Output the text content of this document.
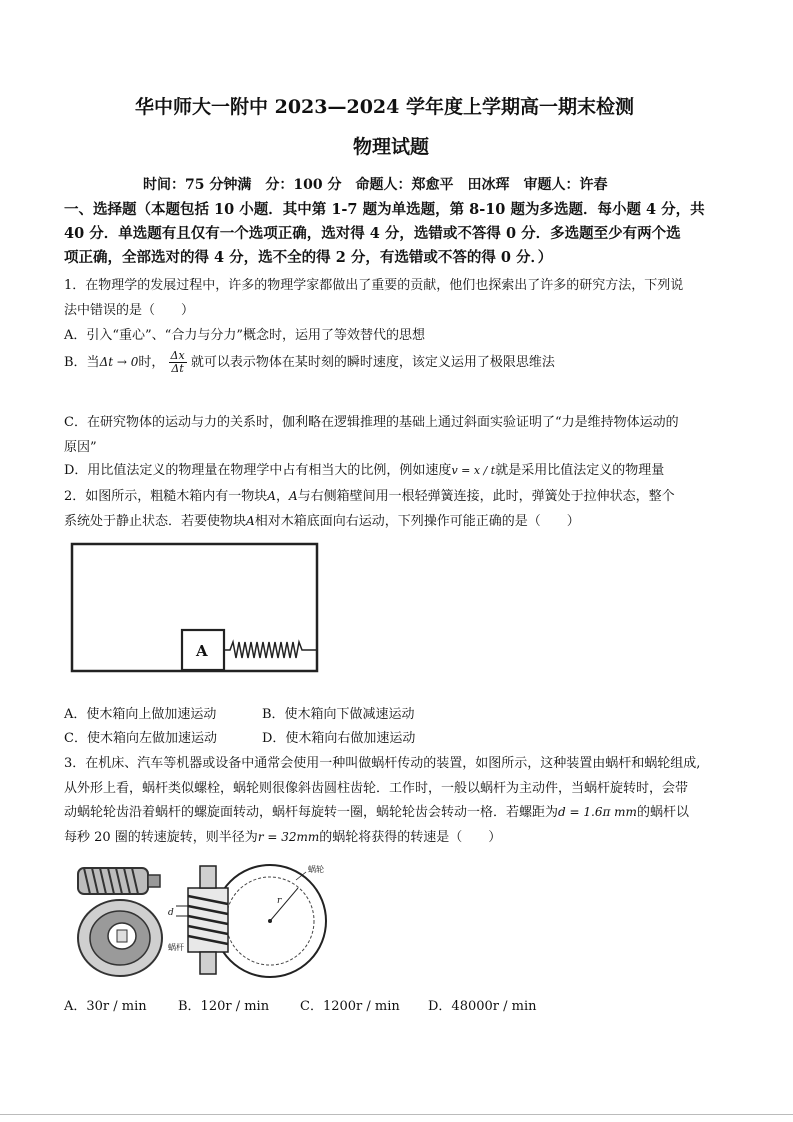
华中师大一附中 2023—2024 学年度上学期高一期末检测
物理试题
时间：75 分钟满　分：100 分　命题人：郑愈平　田冰珲　审题人：许春
一、选择题（本题包括 10 小题．其中第 1-7 题为单选题，第 8-10 题为多选题．每小题 4 分，共
40 分．单选题有且仅有一个选项正确，选对得 4 分，选错或不答得 0 分．多选题至少有两个选
项正确，全部选对的得 4 分，选不全的得 2 分，有选错或不答的得 0 分．）
1．在物理学的发展过程中，许多的物理学家都做出了重要的贡献，他们也探索出了许多的研究方法，下列说
法中错误的是（　　）
A．引入“重心”、“合力与分力”概念时，运用了等效替代的思想
B．当Δt → 0时， $\frac{\Delta x}{\Delta t}$ 就可以表示物体在某时刻的瞬时速度，该定义运用了极限思维法
C．在研究物体的运动与力的关系时，伽利略在逻辑推理的基础上通过斜面实验证明了“力是维持物体运动的
原因”
D．用比值法定义的物理量在物理学中占有相当大的比例，例如速度v = x / t就是采用比值法定义的物理量
2．如图所示，粗糙木箱内有一物块A，A与右侧箱壁间用一根轻弹簧连接，此时，弹簧处于拉伸状态，整个
系统处于静止状态．若要使物块A相对木箱底面向右运动，下列操作可能正确的是（　　）
A
A．使木箱向上做加速运动	B．使木箱向下做减速运动
C．使木箱向左做加速运动	D．使木箱向右做加速运动
3．在机床、汽车等机器或设备中通常会使用一种叫做蜗杆传动的装置，如图所示，这种装置由蜗杆和蜗轮组成,
从外形上看，蜗杆类似螺栓，蜗轮则很像斜齿圆柱齿轮．工作时，一般以蜗杆为主动件，当蜗杆旋转时，会带
动蜗轮轮齿沿着蜗杆的螺旋面转动，蜗杆每旋转一圈，蜗轮轮齿会转动一格．若螺距为d = 1.6π mm的蜗杆以
每秒 20 圈的转速旋转，则半径为r = 32mm的蜗轮将获得的转速是（　　）
r
蜗轮
d
蜗杆
A．30r / min B．120r / min C．1200r / min D．48000r / min
